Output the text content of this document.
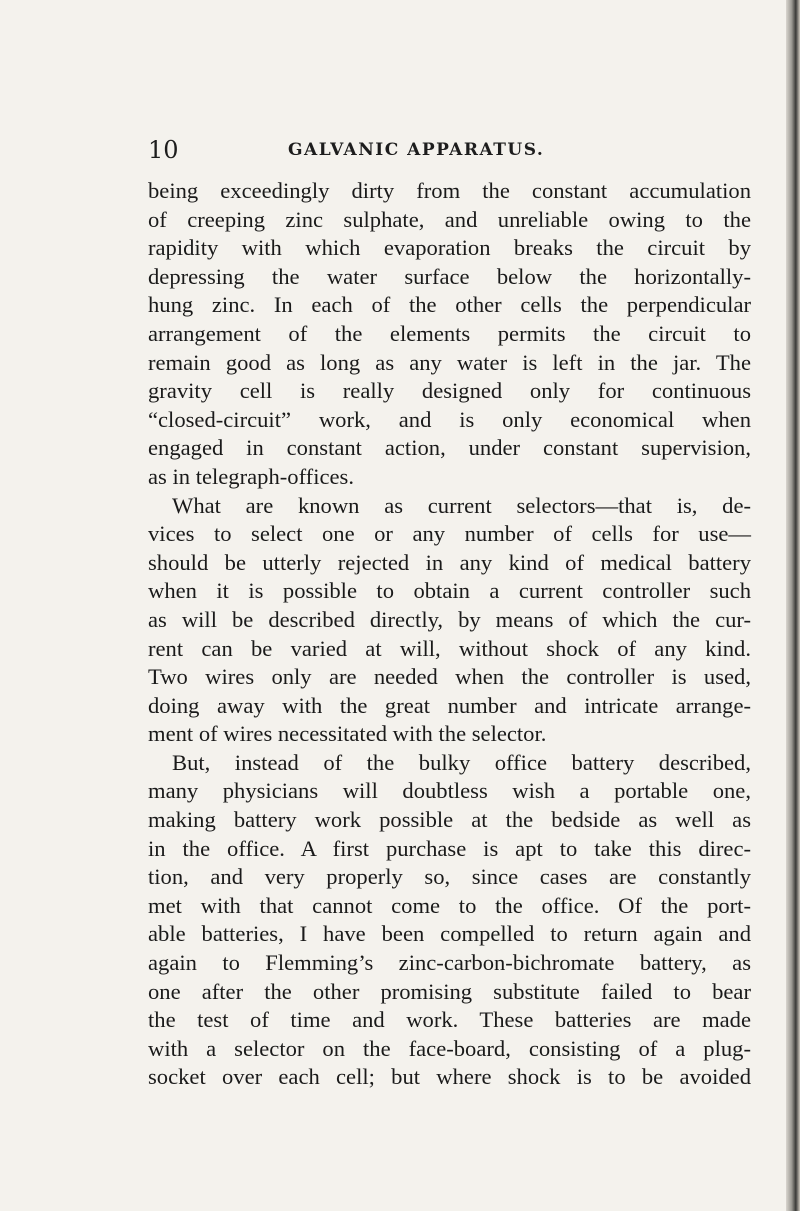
10	GALVANIC APPARATUS.
being exceedingly dirty from the constant accumulation
of creeping zinc sulphate, and unreliable owing to the
rapidity with which evaporation breaks the circuit by
depressing the water surface below the horizontally-
hung zinc. In each of the other cells the perpendicular
arrangement of the elements permits the circuit to
remain good as long as any water is left in the jar. The
gravity cell is really designed only for continuous
“closed-circuit” work, and is only economical when
engaged in constant action, under constant supervision,
as in telegraph-offices.
What are known as current selectors—that is, de-
vices to select one or any number of cells for use—
should be utterly rejected in any kind of medical battery
when it is possible to obtain a current controller such
as will be described directly, by means of which the cur-
rent can be varied at will, without shock of any kind.
Two wires only are needed when the controller is used,
doing away with the great number and intricate arrange-
ment of wires necessitated with the selector.
But, instead of the bulky office battery described,
many physicians will doubtless wish a portable one,
making battery work possible at the bedside as well as
in the office. A first purchase is apt to take this direc-
tion, and very properly so, since cases are constantly
met with that cannot come to the office. Of the port-
able batteries, I have been compelled to return again and
again to Flemming’s zinc-carbon-bichromate battery, as
one after the other promising substitute failed to bear
the test of time and work. These batteries are made
with a selector on the face-board, consisting of a plug-
socket over each cell; but where shock is to be avoided
